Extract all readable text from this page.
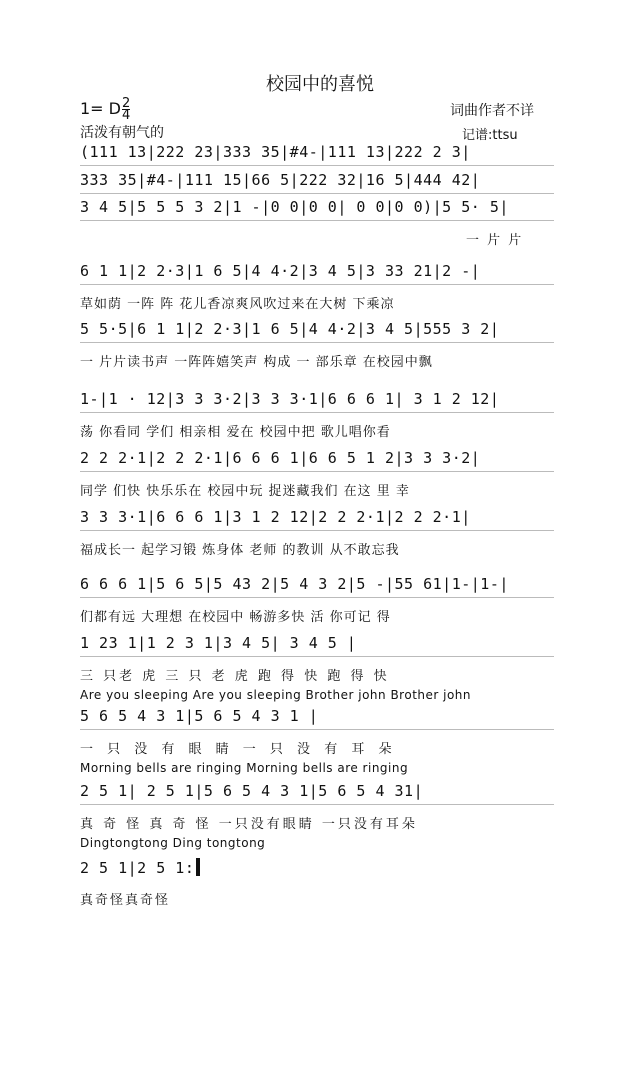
校园中的喜悦
1= D $\frac{2}{4}$	词曲作者不详
活泼有朝气的	记谱:ttsu
(111 13|222 23|333 35|#4-|111 13|222 2 3|
333 35|#4-|111 15|66 5|222 32|16 5|444 42|
3 4 5|5 5 5 3 2|1 -|0 0|0 0| 0 0|0 0)|5 5· 5|
一 片 片
6 1 1|2 2·3|1 6 5|4 4·2|3 4 5|3 33 21|2 -|
草如荫 一阵 阵 花儿香凉爽风吹过来在大树 下乘凉
5 5·5|6 1 1|2 2·3|1 6 5|4 4·2|3 4 5|555 3 2|
一 片片读书声 一阵阵嬉笑声 构成 一 部乐章 在校园中飘
1-|1 · 12|3 3 3·2|3 3 3·1|6 6 6 1| 3 1 2 12|
荡 你看同 学们 相亲相 爱在 校园中把 歌儿唱你看
2 2 2·1|2 2 2·1|6 6 6 1|6 6 5 1 2|3 3 3·2|
同学 们快 快乐乐在 校园中玩 捉迷藏我们 在这 里 幸
3 3 3·1|6 6 6 1|3 1 2 12|2 2 2·1|2 2 2·1|
福成长一 起学习锻 炼身体 老师 的教训 从不敢忘我
6 6 6 1|5 6 5|5 43 2|5 4 3 2|5 -|55 61|1-|1-|
们都有远 大理想 在校园中 畅游多快 活 你可记 得
1 23 1|1 2 3 1|3 4 5| 3 4 5 |
三 只老 虎 三 只 老 虎 跑 得 快 跑 得 快
Are you sleeping Are you sleeping Brother john Brother john
5 6 5 4 3 1|5 6 5 4 3 1 |
一 只 没 有 眼 睛 一 只 没 有 耳 朵
Morning bells are ringing Morning bells are ringing
2 5 1| 2 5 1|5 6 5 4 3 1|5 6 5 4 31|
真 奇 怪 真 奇 怪 一只没有眼睛 一只没有耳朵
Dingtongtong Ding tongtong
2 5 1|2 5 1:
真奇怪真奇怪
